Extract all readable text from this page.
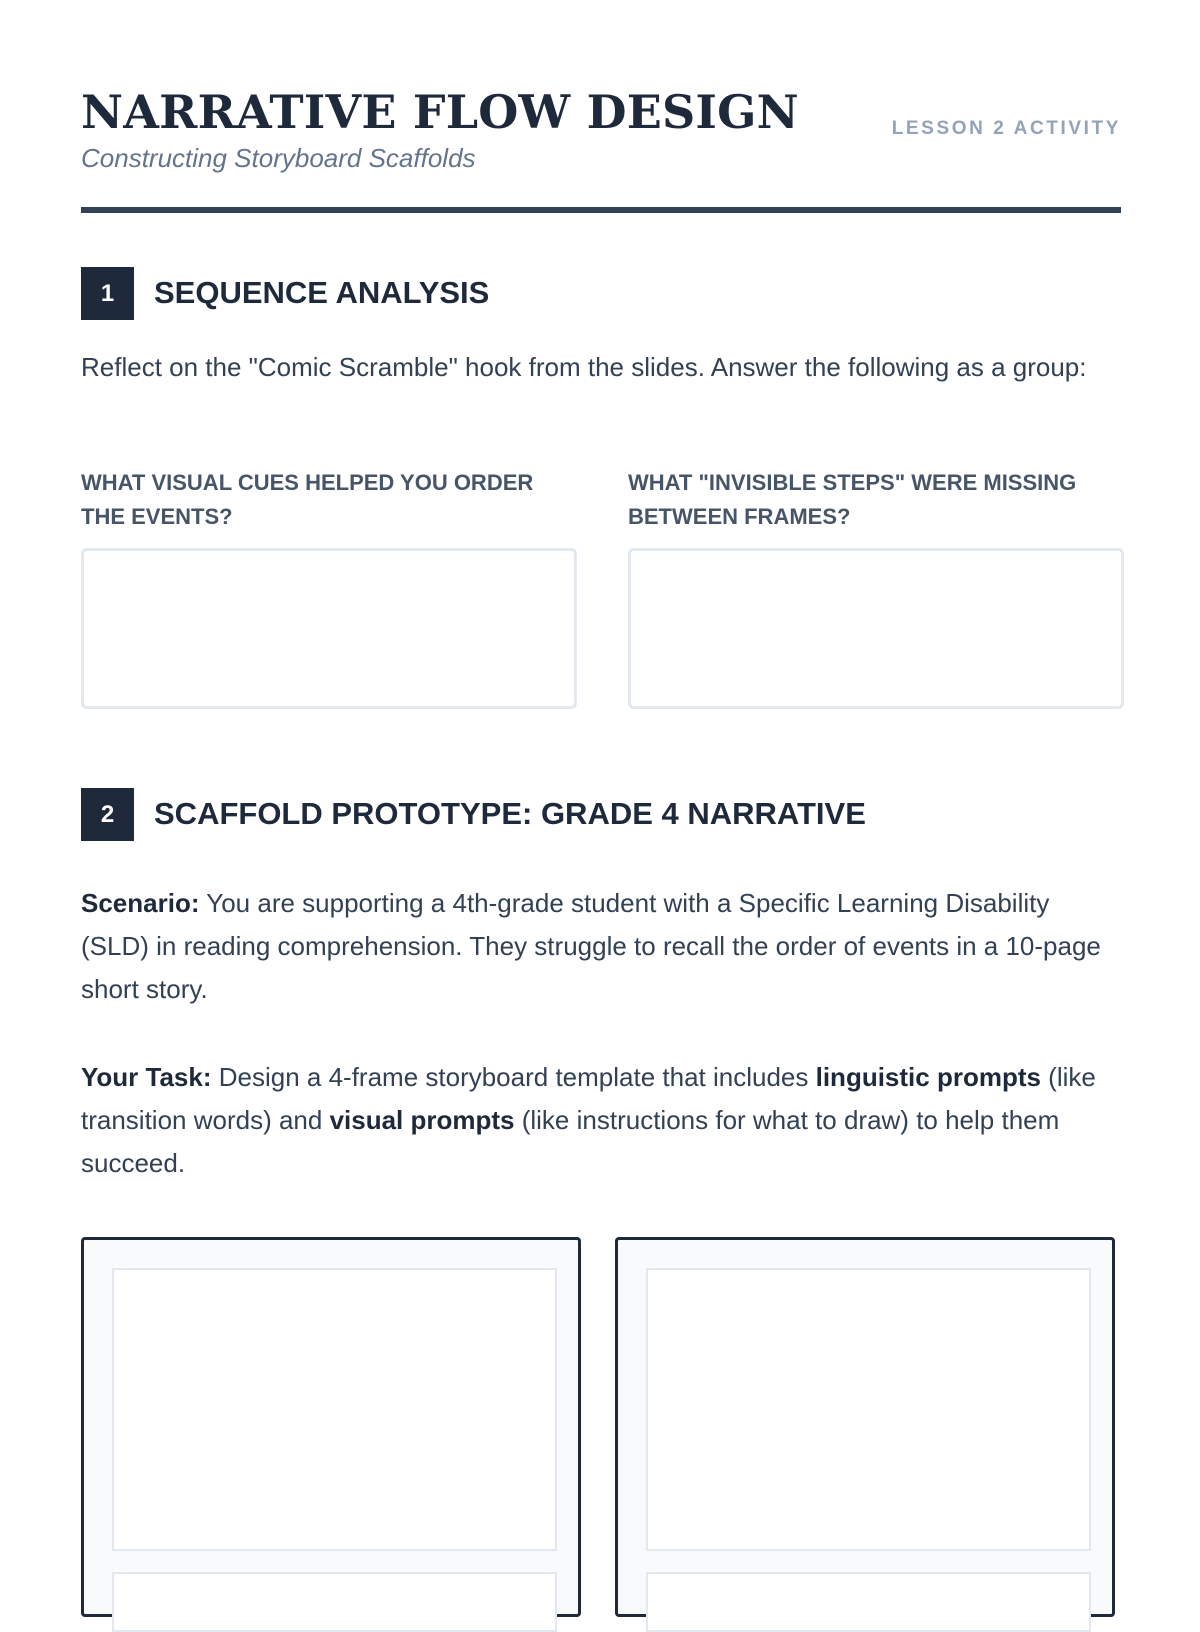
NARRATIVE FLOW DESIGN
Constructing Storyboard Scaffolds
LESSON 2 ACTIVITY
1	SEQUENCE ANALYSIS

Reflect on the "Comic Scramble" hook from the slides. Answer the following as a group:

WHAT VISUAL CUES HELPED YOU ORDER THE EVENTS?

WHAT "INVISIBLE STEPS" WERE MISSING BETWEEN FRAMES?

2	SCAFFOLD PROTOTYPE: GRADE 4 NARRATIVE

Scenario: You are supporting a 4th-grade student with a Specific Learning Disability (SLD) in reading comprehension. They struggle to recall the order of events in a 10-page short story.

Your Task: Design a 4-frame storyboard template that includes linguistic prompts (like transition words) and visual prompts (like instructions for what to draw) to help them succeed.
